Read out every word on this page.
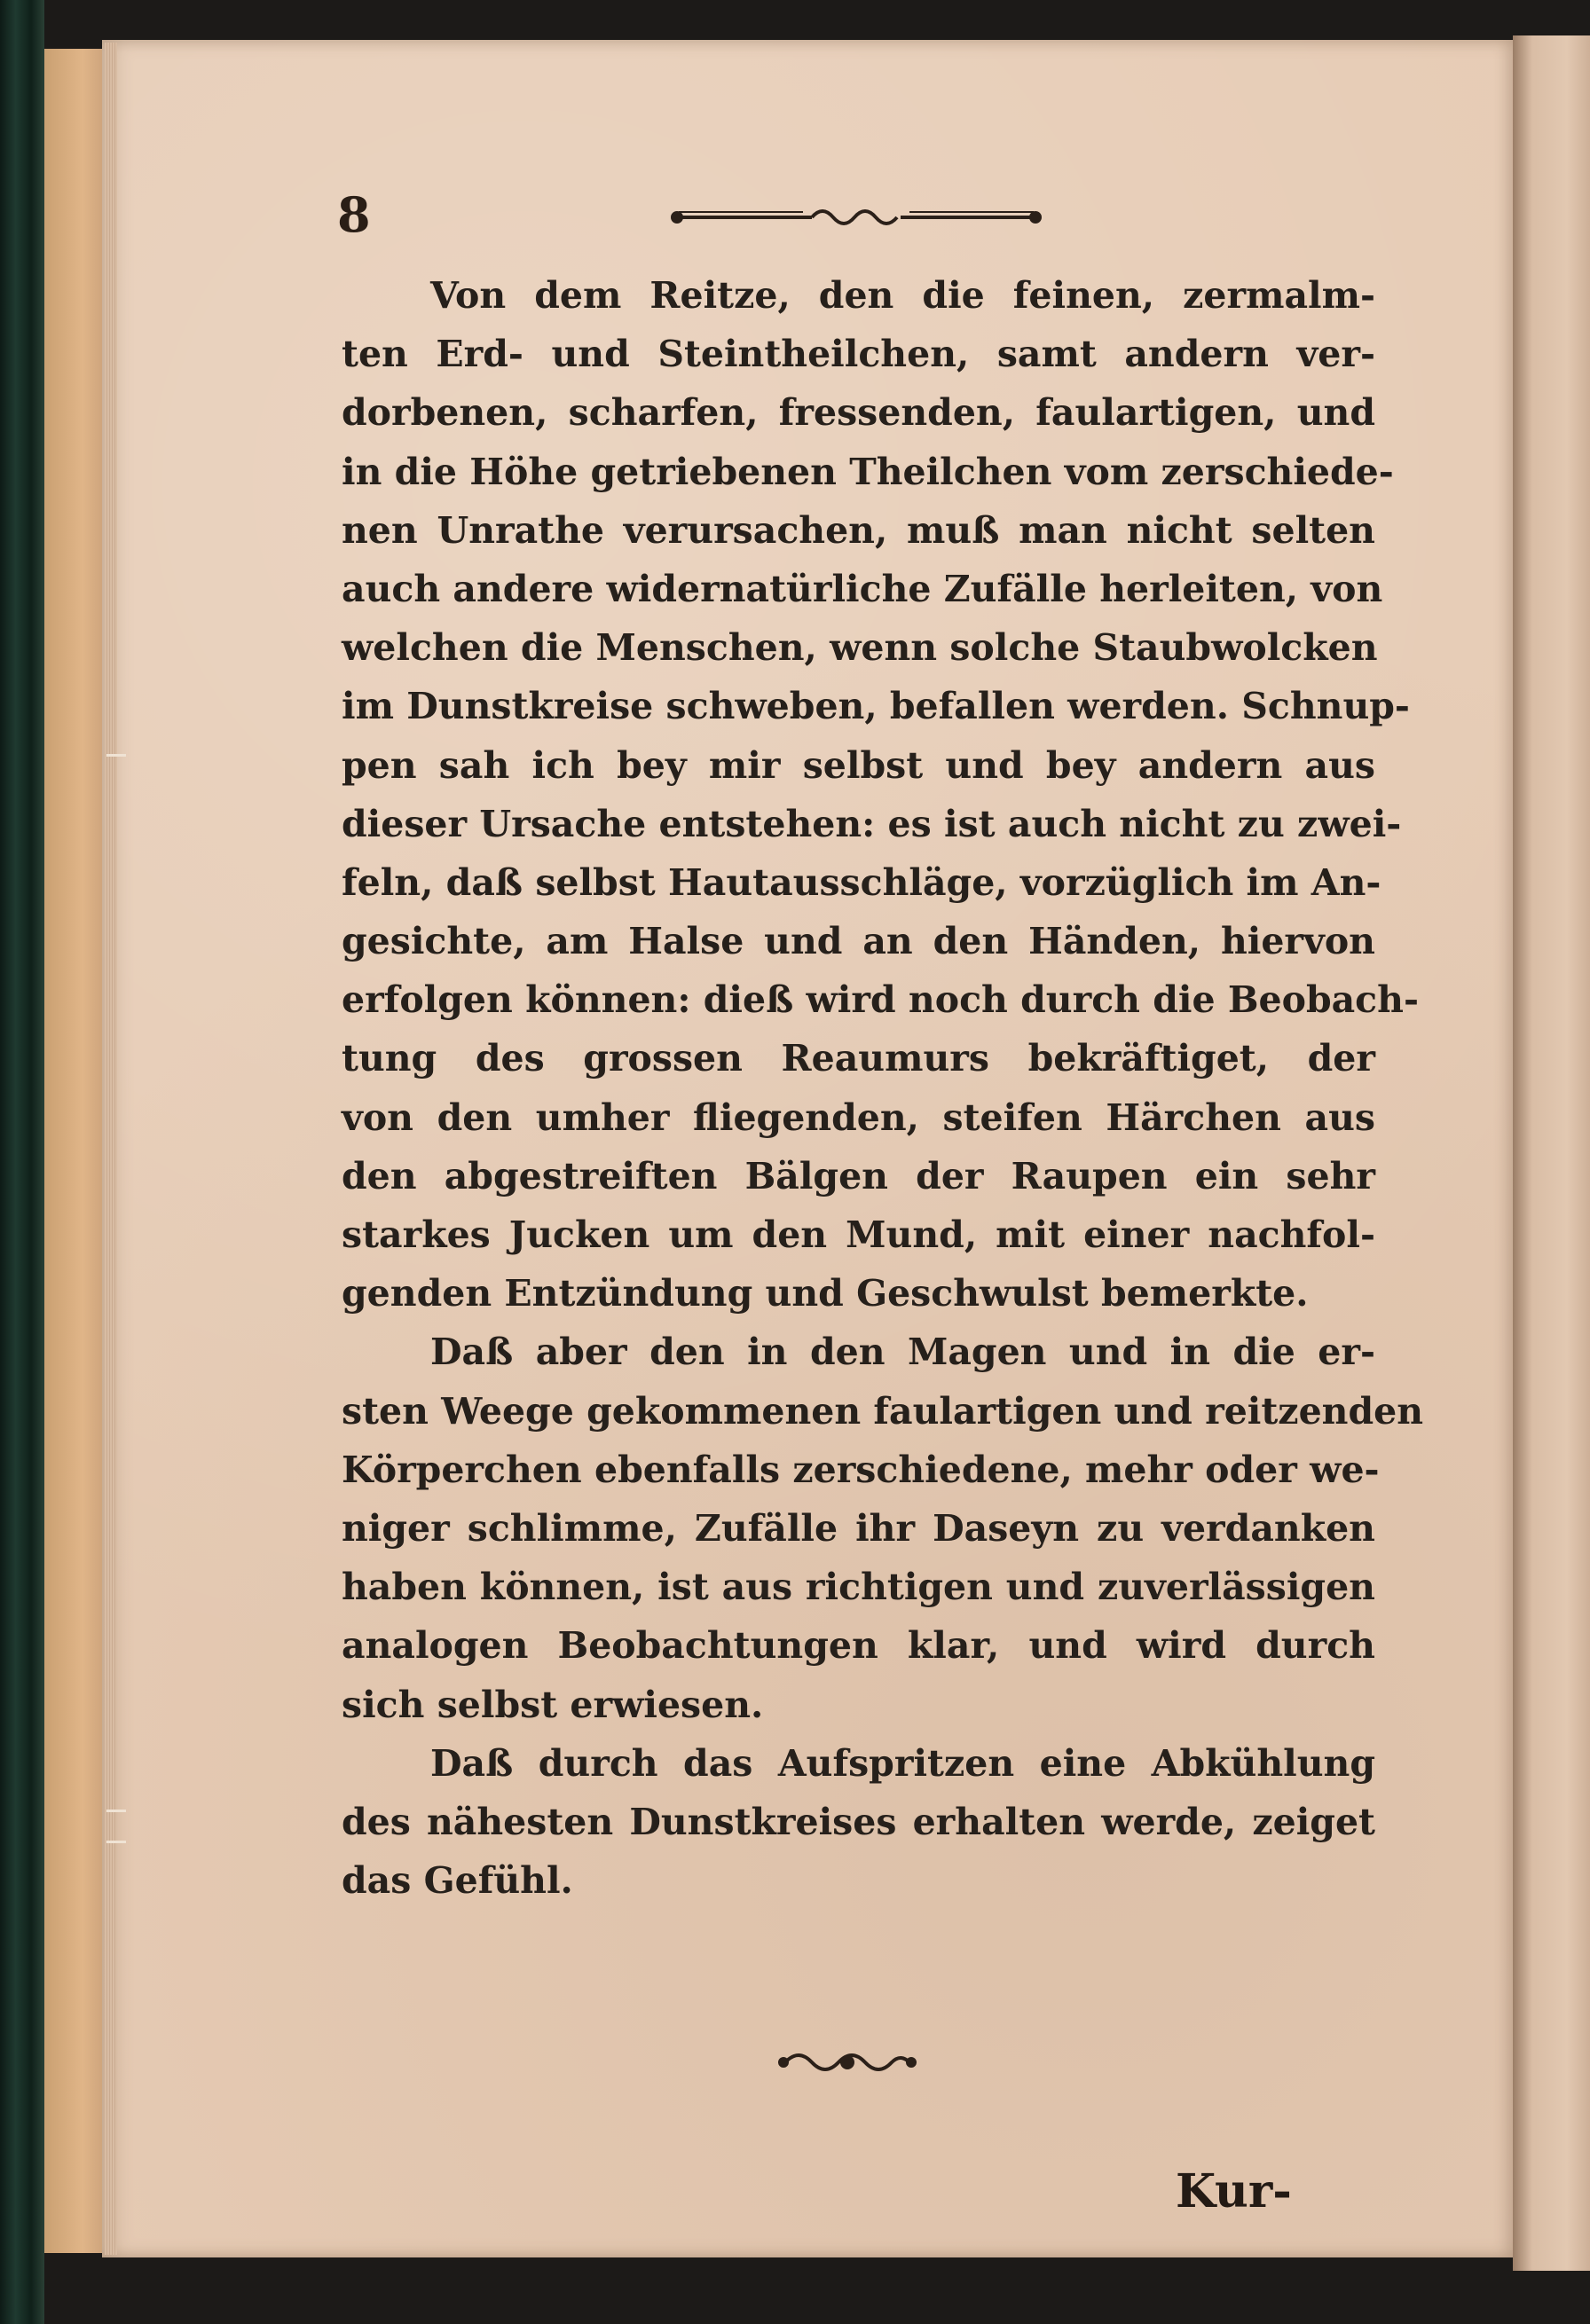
8
Von dem Reitze, den die feinen, zermalm-
ten Erd- und Steintheilchen, samt andern ver-
dorbenen, scharfen, fressenden, faulartigen, und
in die Höhe getriebenen Theilchen vom zerschiede-
nen Unrathe verursachen, muß man nicht selten
auch andere widernatürliche Zufälle herleiten, von
welchen die Menschen, wenn solche Staubwolcken
im Dunstkreise schweben, befallen werden. Schnup-
pen sah ich bey mir selbst und bey andern aus
dieser Ursache entstehen: es ist auch nicht zu zwei-
feln, daß selbst Hautausschläge, vorzüglich im An-
gesichte, am Halse und an den Händen, hiervon
erfolgen können: dieß wird noch durch die Beobach-
tung des grossen Reaumurs bekräftiget, der
von den umher fliegenden, steifen Härchen aus
den abgestreiften Bälgen der Raupen ein sehr
starkes Jucken um den Mund, mit einer nachfol-
genden Entzündung und Geschwulst bemerkte.
Daß aber den in den Magen und in die er-
sten Weege gekommenen faulartigen und reitzenden
Körperchen ebenfalls zerschiedene, mehr oder we-
niger schlimme, Zufälle ihr Daseyn zu verdanken
haben können, ist aus richtigen und zuverlässigen
analogen Beobachtungen klar, und wird durch
sich selbst erwiesen.
Daß durch das Aufspritzen eine Abkühlung
des nähesten Dunstkreises erhalten werde, zeiget
das Gefühl.
Kur-
